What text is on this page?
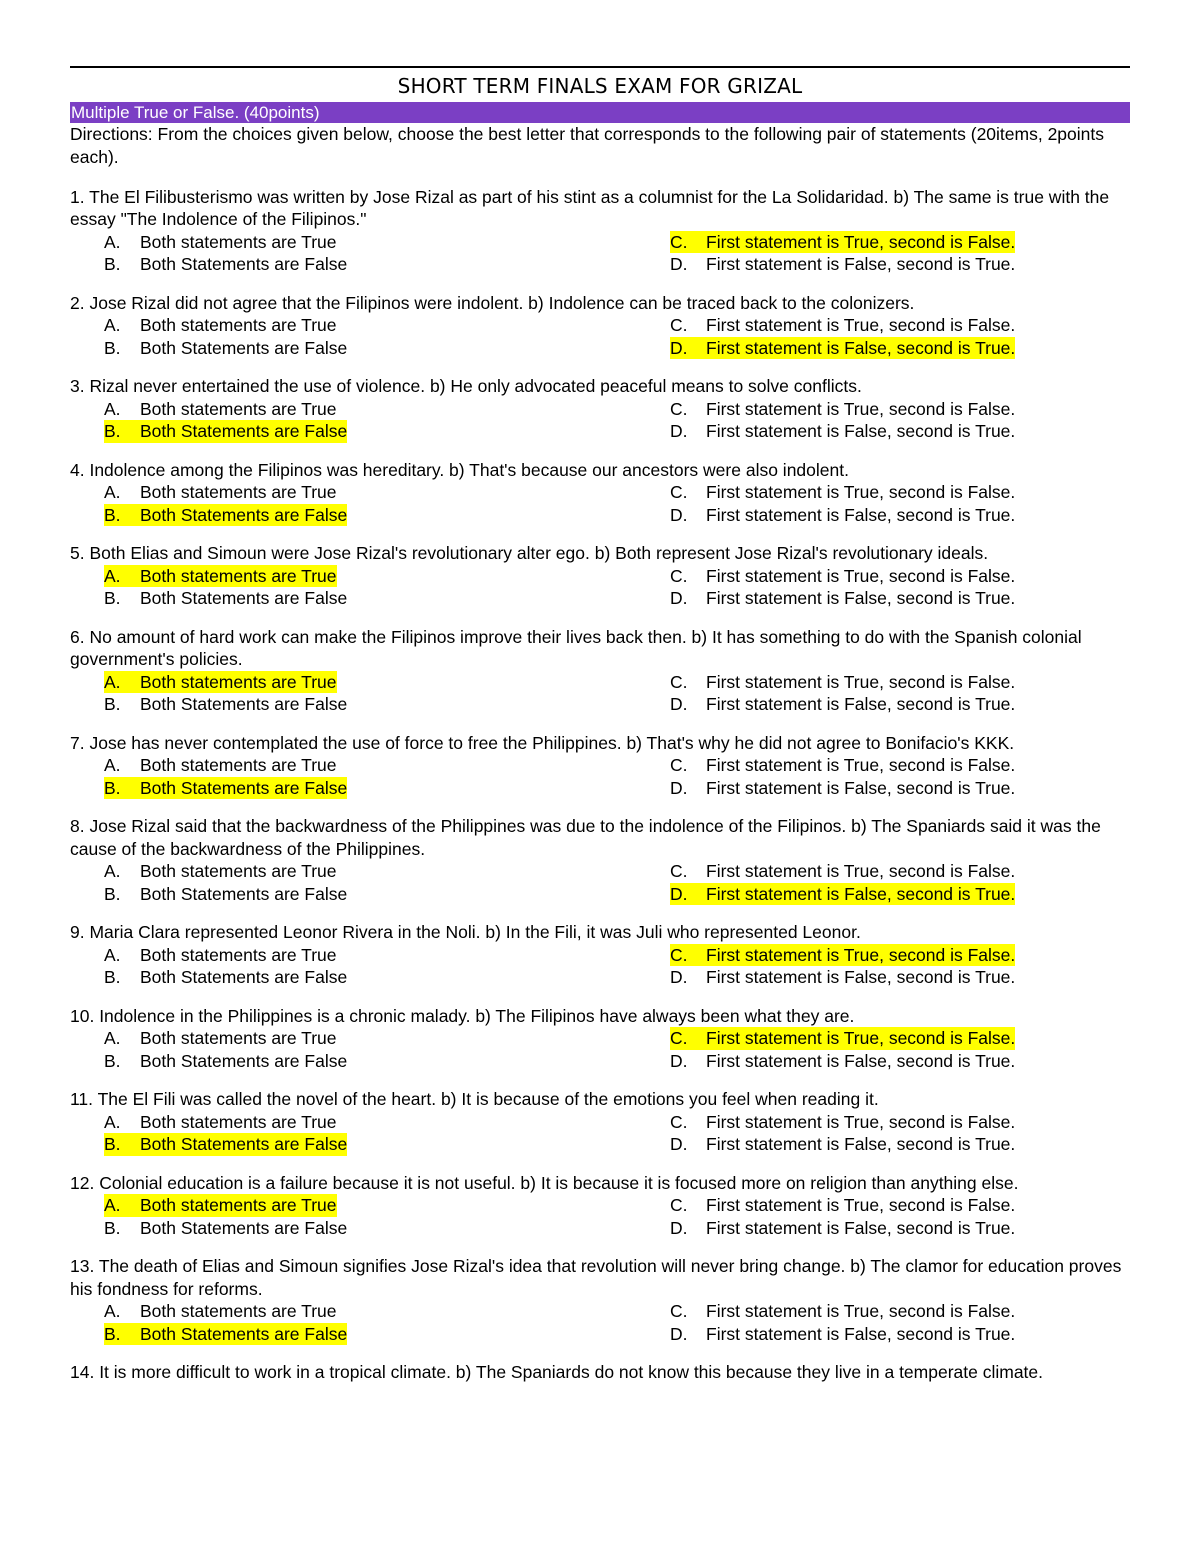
SHORT TERM FINALS EXAM FOR GRIZAL
Multiple True or False. (40points)
Directions: From the choices given below, choose the best letter that corresponds to the following pair of statements (20items, 2points each).
1. The El Filibusterismo was written by Jose Rizal as part of his stint as a columnist for the La Solidaridad. b) The same is true with the essay "The Indolence of the Filipinos."
A. Both statements are True	C. First statement is True, second is False.
B. Both Statements are False	D. First statement is False, second is True.
2. Jose Rizal did not agree that the Filipinos were indolent. b) Indolence can be traced back to the colonizers.
A. Both statements are True	C. First statement is True, second is False.
B. Both Statements are False	D. First statement is False, second is True.
3. Rizal never entertained the use of violence. b) He only advocated peaceful means to solve conflicts.
A. Both statements are True	C. First statement is True, second is False.
B. Both Statements are False	D. First statement is False, second is True.
4. Indolence among the Filipinos was hereditary. b) That's because our ancestors were also indolent.
A. Both statements are True	C. First statement is True, second is False.
B. Both Statements are False	D. First statement is False, second is True.
5. Both Elias and Simoun were Jose Rizal's revolutionary alter ego. b) Both represent Jose Rizal's revolutionary ideals.
A. Both statements are True	C. First statement is True, second is False.
B. Both Statements are False	D. First statement is False, second is True.
6. No amount of hard work can make the Filipinos improve their lives back then. b) It has something to do with the Spanish colonial government's policies.
A. Both statements are True	C. First statement is True, second is False.
B. Both Statements are False	D. First statement is False, second is True.
7. Jose has never contemplated the use of force to free the Philippines. b) That's why he did not agree to Bonifacio's KKK.
A. Both statements are True	C. First statement is True, second is False.
B. Both Statements are False	D. First statement is False, second is True.
8. Jose Rizal said that the backwardness of the Philippines was due to the indolence of the Filipinos. b) The Spaniards said it was the cause of the backwardness of the Philippines.
A. Both statements are True	C. First statement is True, second is False.
B. Both Statements are False	D. First statement is False, second is True.
9. Maria Clara represented Leonor Rivera in the Noli. b) In the Fili, it was Juli who represented Leonor.
A. Both statements are True	C. First statement is True, second is False.
B. Both Statements are False	D. First statement is False, second is True.
10. Indolence in the Philippines is a chronic malady. b) The Filipinos have always been what they are.
A. Both statements are True	C. First statement is True, second is False.
B. Both Statements are False	D. First statement is False, second is True.
11. The El Fili was called the novel of the heart. b) It is because of the emotions you feel when reading it.
A. Both statements are True	C. First statement is True, second is False.
B. Both Statements are False	D. First statement is False, second is True.
12. Colonial education is a failure because it is not useful. b) It is because it is focused more on religion than anything else.
A. Both statements are True	C. First statement is True, second is False.
B. Both Statements are False	D. First statement is False, second is True.
13. The death of Elias and Simoun signifies Jose Rizal's idea that revolution will never bring change. b) The clamor for education proves his fondness for reforms.
A. Both statements are True	C. First statement is True, second is False.
B. Both Statements are False	D. First statement is False, second is True.
14. It is more difficult to work in a tropical climate. b) The Spaniards do not know this because they live in a temperate climate.
